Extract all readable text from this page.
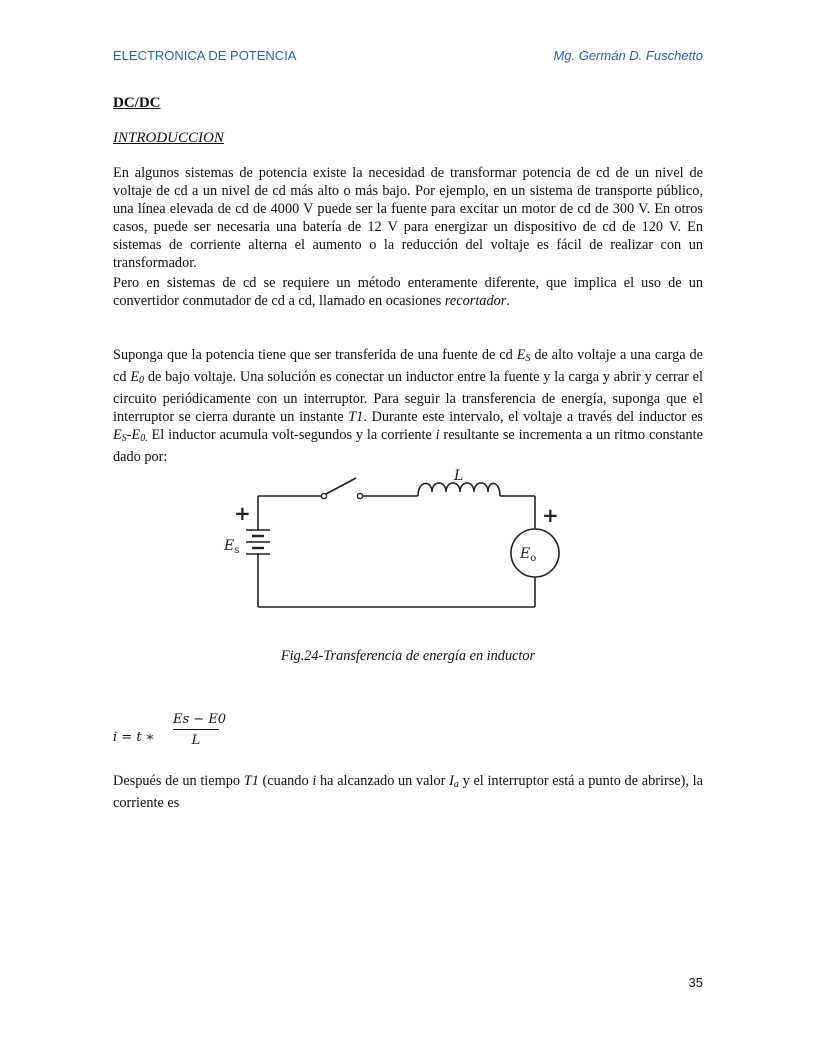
ELECTRONICA DE POTENCIA	Mg. Germán D. Fuschetto
DC/DC
INTRODUCCION

En algunos sistemas de potencia existe la necesidad de transformar potencia de cd de un nivel de voltaje de cd a un nivel de cd más alto o más bajo. Por ejemplo, en un sistema de transporte público, una línea elevada de cd de 4000 V puede ser la fuente para excitar un motor de cd de 300 V. En otros casos, puede ser necesaria una batería de 12 V para energizar un dispositivo de cd de 120 V. En sistemas de corriente alterna el aumento o la reducción del voltaje es fácil de realizar con un transformador.

Pero en sistemas de cd se requiere un método enteramente diferente, que implica el uso de un convertidor conmutador de cd a cd, llamado en ocasiones recortador.

Suponga que la potencia tiene que ser transferida de una fuente de cd $E_S$ de alto voltaje a una carga de cd $E_0$ de bajo voltaje. Una solución es conectar un inductor entre la fuente y la carga y abrir y cerrar el circuito periódicamente con un interruptor. Para seguir la transferencia de energía, suponga que el interruptor se cierra durante un instante T1. Durante este intervalo, el voltaje a través del inductor es $E_S-E_{0.}$ El inductor acumula volt-segundos y la corriente i resultante se incrementa a un ritmo constante dado por:

L
+	+
$E_s$	$E_o$
Fig.24-Transferencia de energía en inductor
i = t ∗ $\frac{Es - E0}{L}$

Después de un tiempo T1 (cuando i ha alcanzado un valor $I_a$ y el interruptor está a punto de abrirse), la corriente es

35
